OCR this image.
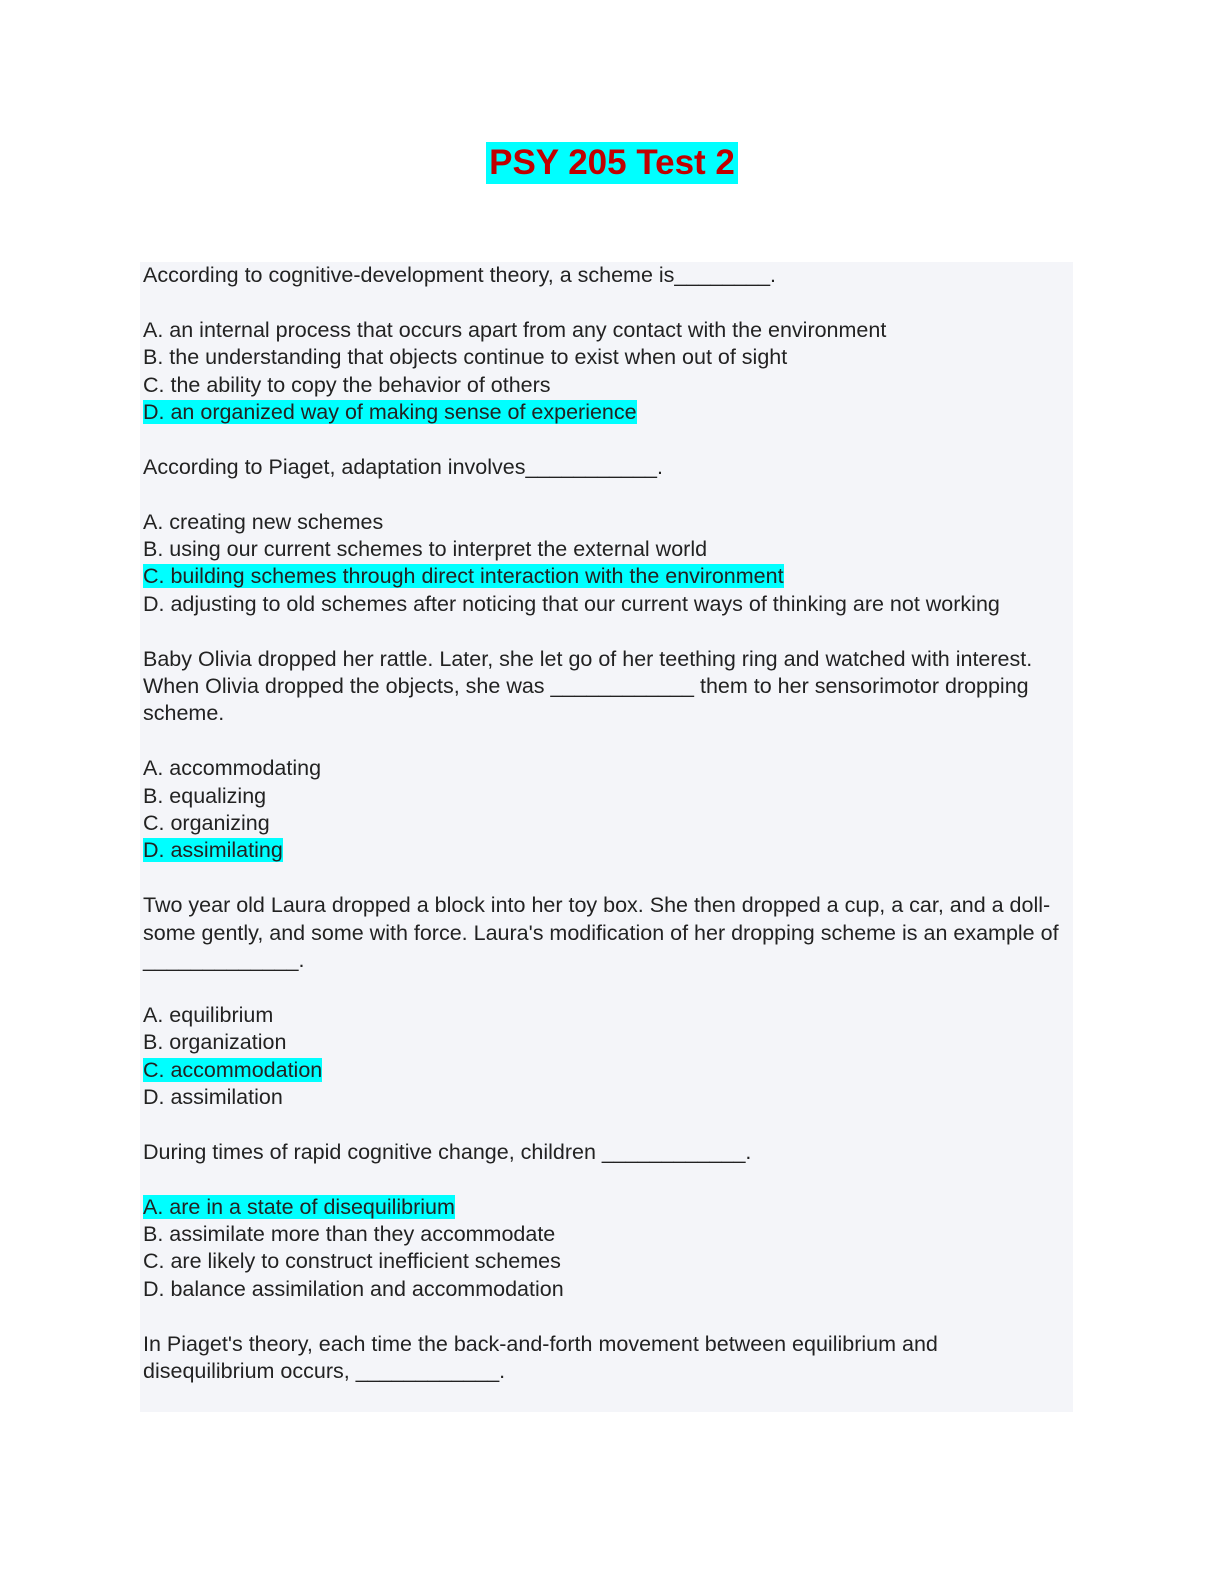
PSY 205 Test 2

According to cognitive-development theory, a scheme is________.

A. an internal process that occurs apart from any contact with the environment
B. the understanding that objects continue to exist when out of sight
C. the ability to copy the behavior of others
D. an organized way of making sense of experience

According to Piaget, adaptation involves___________.

A. creating new schemes
B. using our current schemes to interpret the external world
C. building schemes through direct interaction with the environment
D. adjusting to old schemes after noticing that our current ways of thinking are not working

Baby Olivia dropped her rattle. Later, she let go of her teething ring and watched with interest. When Olivia dropped the objects, she was ____________ them to her sensorimotor dropping scheme.

A. accommodating
B. equalizing
C. organizing
D. assimilating

Two year old Laura dropped a block into her toy box. She then dropped a cup, a car, and a doll-some gently, and some with force. Laura's modification of her dropping scheme is an example of _____________.

A. equilibrium
B. organization
C. accommodation
D. assimilation

During times of rapid cognitive change, children ____________.

A. are in a state of disequilibrium
B. assimilate more than they accommodate
C. are likely to construct inefficient schemes
D. balance assimilation and accommodation

In Piaget's theory, each time the back-and-forth movement between equilibrium and disequilibrium occurs, ____________.
